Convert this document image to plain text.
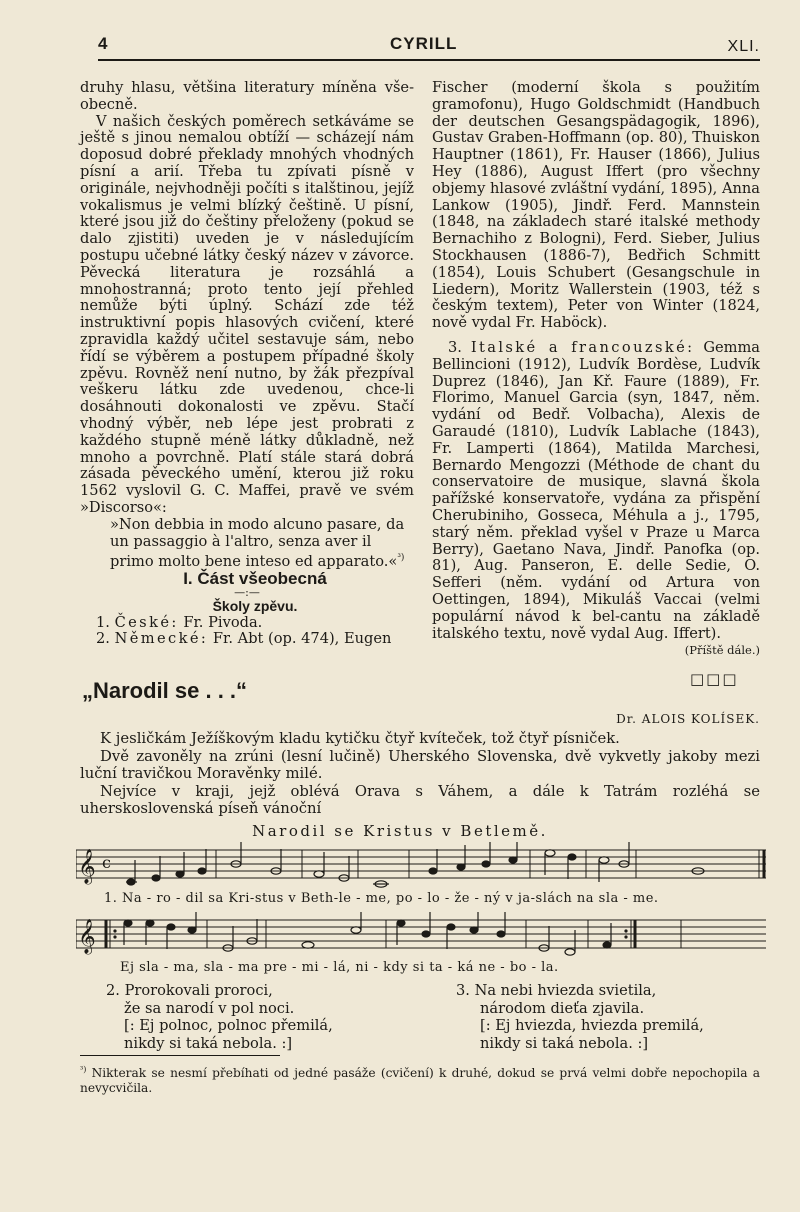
4	CYRILL	XLI.

druhy hlasu, většina literatury míněna vše-obecně.

V našich českých poměrech setkáváme se ještě s jinou nemalou obtíží — scházejí nám doposud dobré překlady mnohých vhodných písní a arií. Třeba tu zpívati písně v originále, nejvhodněji počíti s italštinou, jejíž vokalismus je velmi blízký češtině. U písní, které jsou již do češtiny přeloženy (pokud se dalo zjistiti) uveden je v následujícím postupu učebné látky český název v závorce. Pěvecká literatura je rozsáhlá a mnohostranná; proto tento její přehled nemůže býti úplný. Schází zde též instruktivní popis hlasových cvičení, které zpravidla každý učitel sestavuje sám, nebo řídí se výběrem a postupem případné školy zpěvu. Rovněž není nutno, by žák přezpíval veškeru látku zde uvedenou, chce-li dosáhnouti dokonalosti ve zpěvu. Stačí vhodný výběr, neb lépe jest probrati z každého stupně méně látky důkladně, než mnoho a povrchně. Platí stále stará dobrá zásada pěveckého umění, kterou již roku 1562 vyslovil G. C. Maffei, pravě ve svém »Discorso«:

»Non debbia in modo alcuno pasare, da un passaggio à l'altro, senza aver il primo molto bene inteso ed apparato.«$^{^3)}$

I. Část všeobecná

—:—

Školy zpěvu.

1. České: Fr. Pivoda.

2. Německé: Fr. Abt (op. 474), Eugen

Fischer (moderní škola s použitím gramofonu), Hugo Goldschmidt (Handbuch der deutschen Gesangspädagogik, 1896), Gustav Graben-Hoffmann (op. 80), Thuiskon Hauptner (1861), Fr. Hauser (1866), Julius Hey (1886), August Iffert (pro všechny objemy hlasové zvláštní vydání, 1895), Anna Lankow (1905), Jindř. Ferd. Mannstein (1848, na základech staré italské methody Bernachiho z Bologni), Ferd. Sieber, Julius Stockhausen (1886-7), Bedřich Schmitt (1854), Louis Schubert (Gesangschule in Liedern), Moritz Wallerstein (1903, též s českým textem), Peter von Winter (1824, nově vydal Fr. Haböck).

3. Italské a francouzské: Gemma Bellincioni (1912), Ludvík Bordèse, Ludvík Duprez (1846), Jan Kř. Faure (1889), Fr. Florimo, Manuel Garcia (syn, 1847, něm. vydání od Bedř. Volbacha), Alexis de Garaudé (1810), Ludvík Lablache (1843), Fr. Lamperti (1864), Matilda Marchesi, Bernardo Mengozzi (Méthode de chant du conservatoire de musique, slavná škola pařížské konservatoře, vydána za přispění Cherubiniho, Gosseca, Méhula a j., 1795, starý něm. překlad vyšel v Praze u Marca Berry), Gaetano Nava, Jindř. Panofka (op. 81), Aug. Panseron, E. delle Sedie, O. Sefferi (něm. vydání od Artura von Oettingen, 1894), Mikuláš Vaccai (velmi populární návod k bel-cantu na základě italského textu, nově vydal Aug. Iffert).

(Příště dále.)

□□□
„Narodil se . . .“
Dr. ALOIS KOLÍSEK.

K jesličkám Ježíškovým kladu kytičku čtyř kvíteček, tož čtyř písniček.

Dvě zavoněly na zrúni (lesní lučině) Uherského Slovenska, dvě vykvetly jakoby mezi luční travičkou Moravěnky milé.

Nejvíce v kraji, jejž oblévá Orava s Váhem, a dále k Tatrám rozléhá se uherskoslovenská píseň vánoční

Narodil se Kristus v Betlemě.
𝄞 c
1. Na - ro - dil sa Kri-stus v Beth-le - me, po - lo - že - ný v ja-slách na sla - me.
𝄞
Ej sla - ma, sla - ma pre - mi - lá, ni - kdy si ta - ká ne - bo - la.
2. Prorokovali proroci,
že sa narodí v pol noci.
[: Ej polnoc, polnoc přemilá,
nikdy si taká nebola. :]
3. Na nebi hviezda svietila,
národom dieťa zjavila.
[: Ej hviezda, hviezda premilá,
nikdy si taká nebola. :]
$^{^3)}$ Nikterak se nesmí přebíhati od jedné pasáže (cvičení) k druhé, dokud se prvá velmi dobře nepochopila a nevycvičila.
